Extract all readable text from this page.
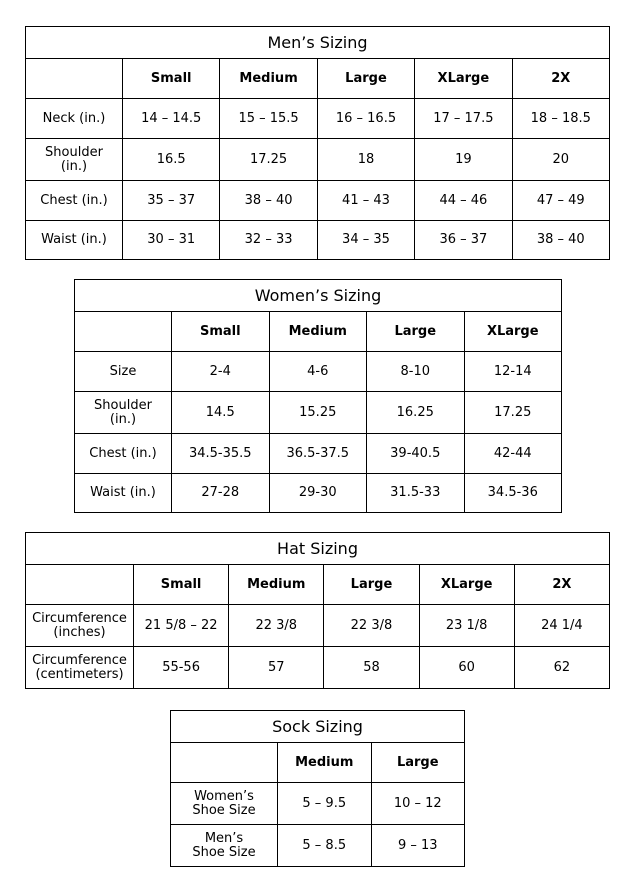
Men’s Sizing					
	Small	Medium	Large	XLarge	2X
Neck (in.)	14 – 14.5	15 – 15.5	16 – 16.5	17 – 17.5	18 – 18.5
Shoulder
(in.)	16.5	17.25	18	19	20
Chest (in.)	35 – 37	38 – 40	41 – 43	44 – 46	47 – 49
Waist (in.)	30 – 31	32 – 33	34 – 35	36 – 37	38 – 40
Women’s Sizing				
	Small	Medium	Large	XLarge
Size	2-4	4-6	8-10	12-14
Shoulder
(in.)	14.5	15.25	16.25	17.25
Chest (in.)	34.5-35.5	36.5-37.5	39-40.5	42-44
Waist (in.)	27-28	29-30	31.5-33	34.5-36
Hat Sizing					
	Small	Medium	Large	XLarge	2X
Circumference
(inches)	21 5/8 – 22	22 3/8	22 3/8	23 1/8	24 1/4
Circumference
(centimeters)	55-56	57	58	60	62
Sock Sizing		
	Medium	Large
Women’s
Shoe Size	5 – 9.5	10 – 12
Men’s
Shoe Size	5 – 8.5	9 – 13
